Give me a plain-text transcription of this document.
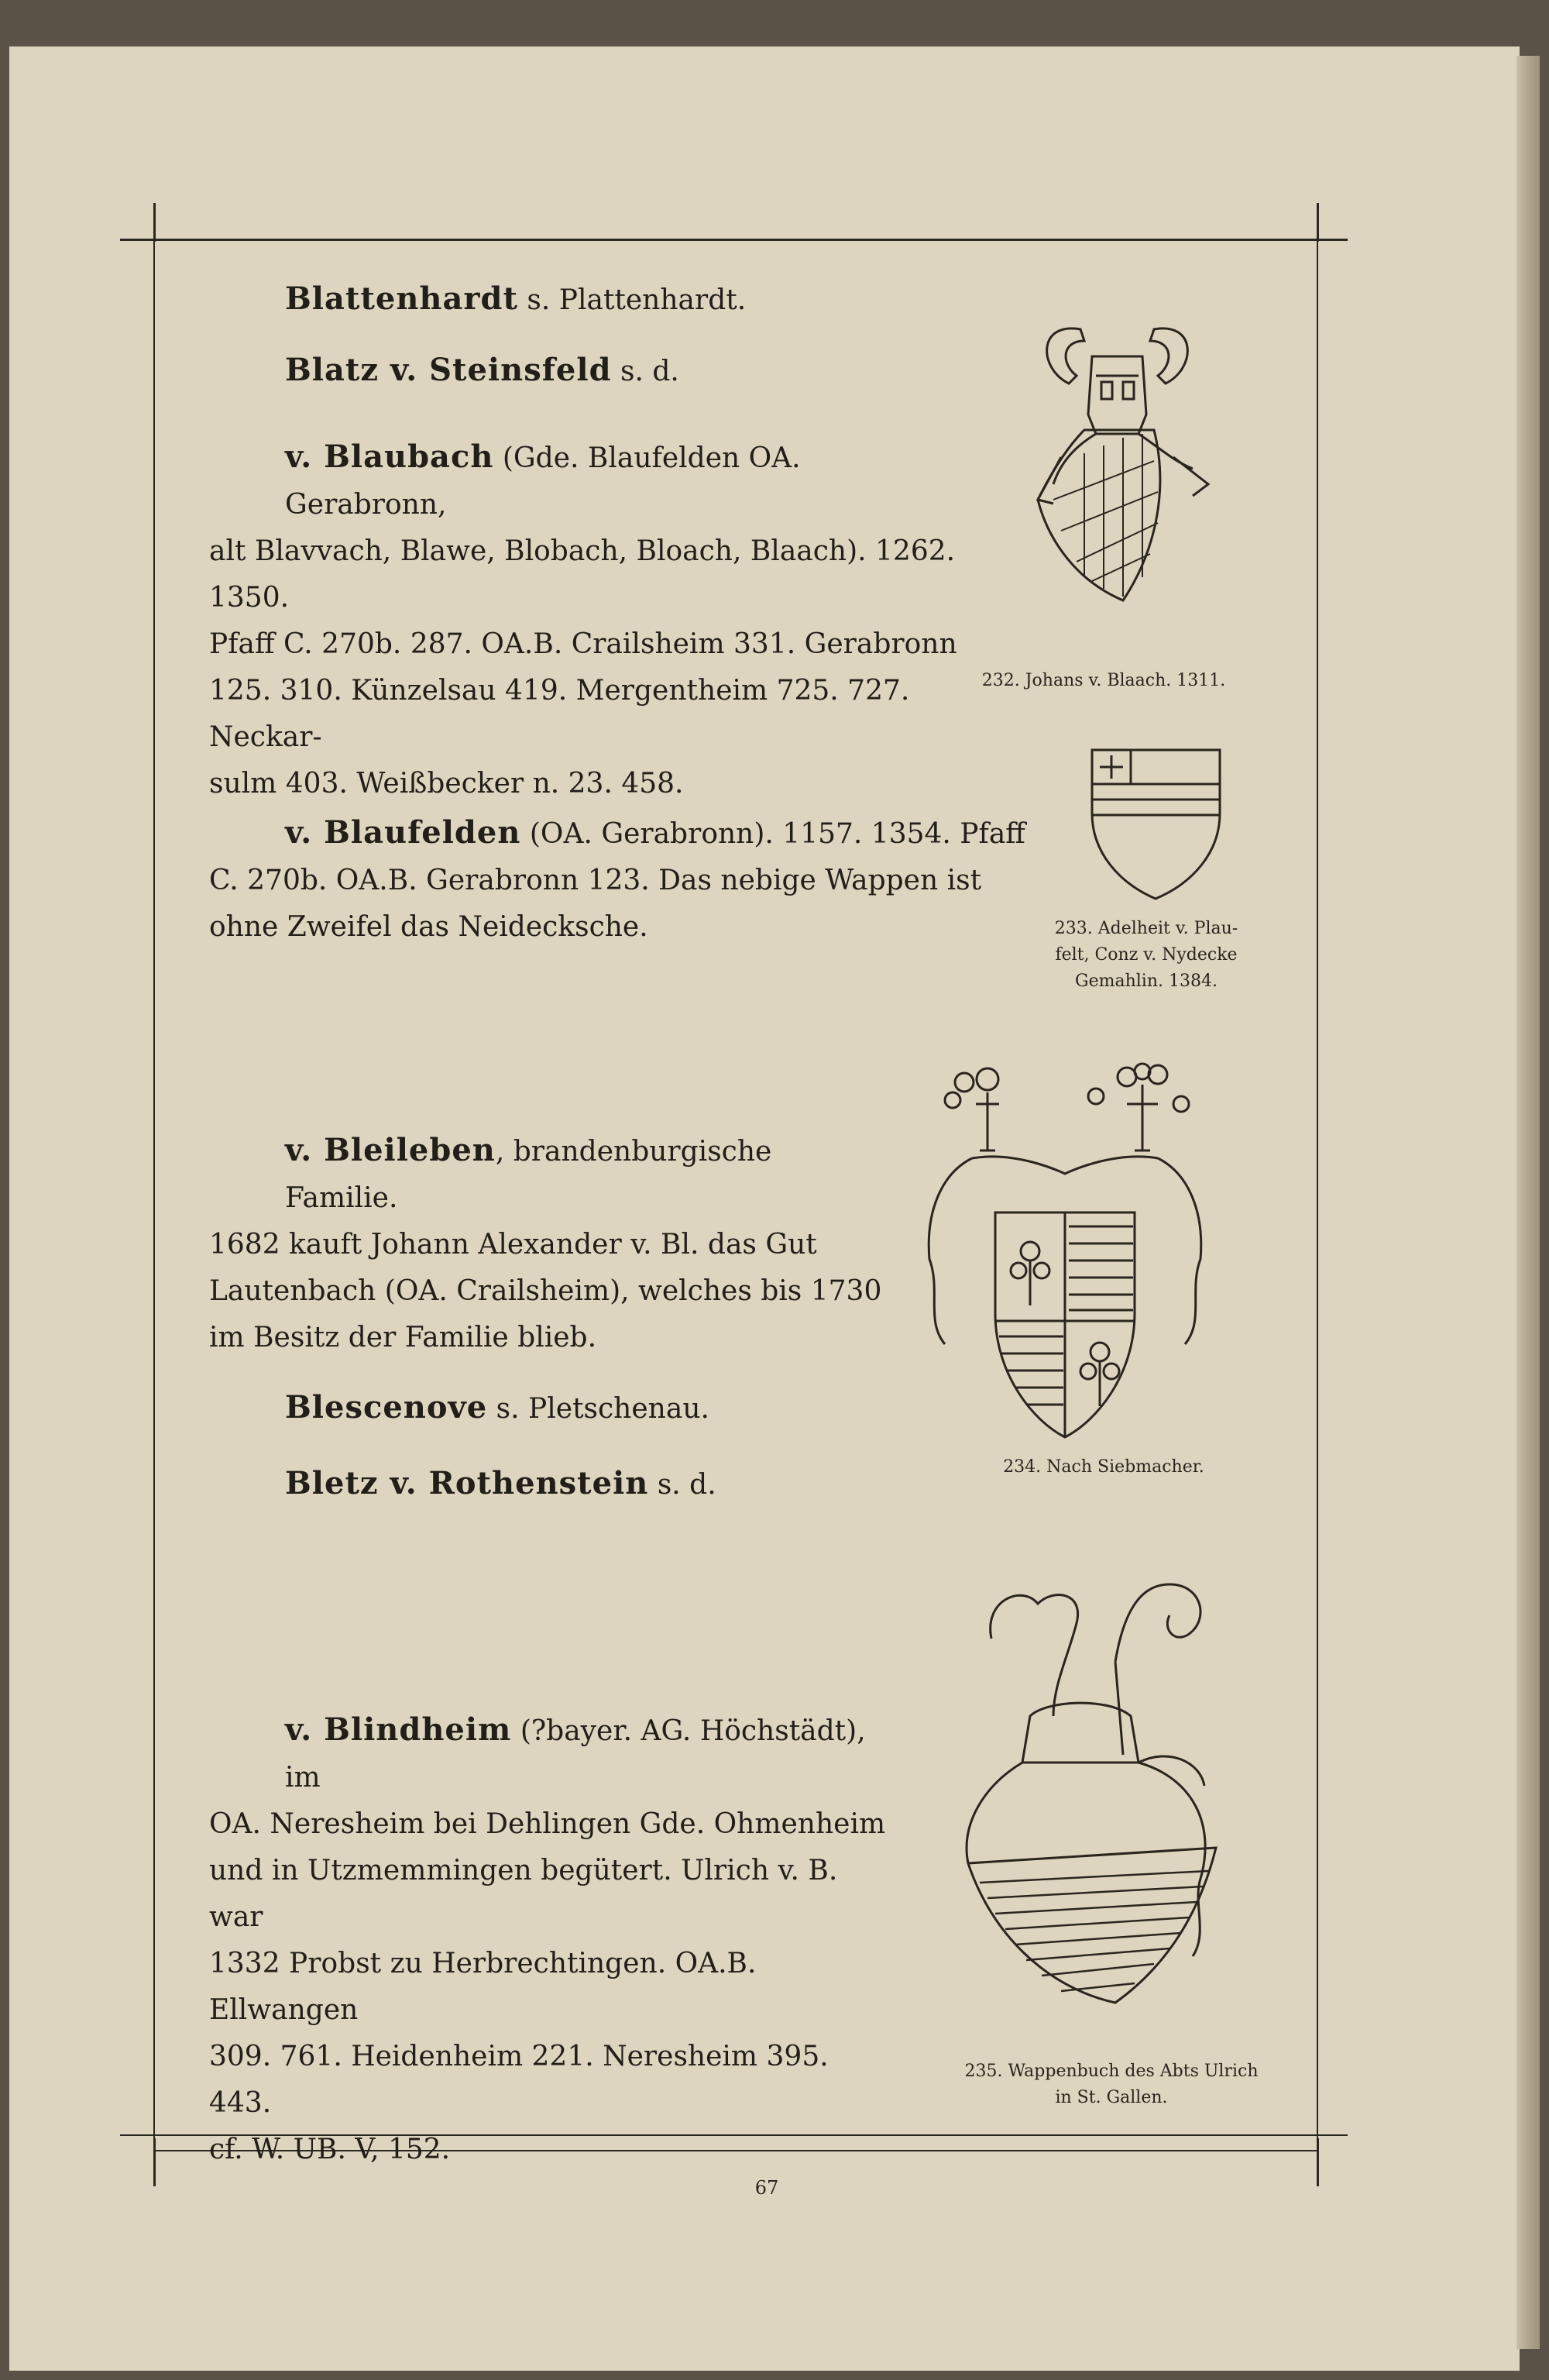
Blattenhardt s. Plattenhardt.
Blatz v. Steinsfeld s. d.
v. Blaubach (Gde. Blaufelden OA. Gerabronn,
alt Blavvach, Blawe, Blobach, Bloach, Blaach). 1262. 1350.
Pfaff C. 270b. 287. OA.B. Crailsheim 331. Gerabronn
125. 310. Künzelsau 419. Mergentheim 725. 727. Neckar-
sulm 403. Weißbecker n. 23. 458.
v. Blaufelden (OA. Gerabronn). 1157. 1354. Pfaff
C. 270b. OA.B. Gerabronn 123. Das nebige Wappen ist
ohne Zweifel das Neidecksche.
v. Bleileben, brandenburgische Familie.
1682 kauft Johann Alexander v. Bl. das Gut
Lautenbach (OA. Crailsheim), welches bis 1730
im Besitz der Familie blieb.
Blescenove s. Pletschenau.
Bletz v. Rothenstein s. d.
v. Blindheim (?bayer. AG. Höchstädt), im
OA. Neresheim bei Dehlingen Gde. Ohmenheim
und in Utzmemmingen begütert. Ulrich v. B. war
1332 Probst zu Herbrechtingen. OA.B. Ellwangen
309. 761. Heidenheim 221. Neresheim 395. 443.
cf. W. UB. V, 152.
232. Johans v. Blaach. 1311.
233. Adelheit v. Plau-
felt, Conz v. Nydecke
Gemahlin. 1384.
234. Nach Siebmacher.
235. Wappenbuch des Abts Ulrich
in St. Gallen.
67
